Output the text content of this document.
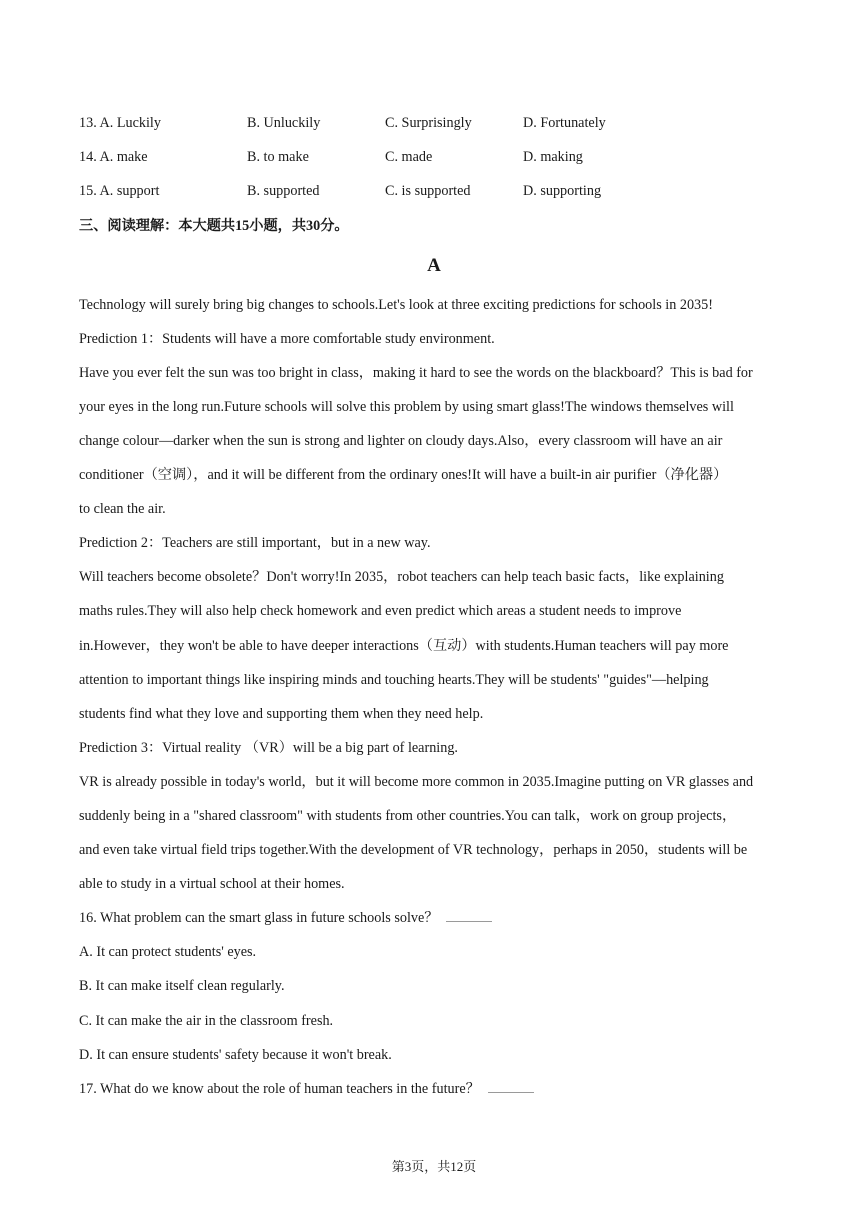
13. A. Luckily	B. Unluckily	C. Surprisingly	D. Fortunately
14. A. make	B. to make	C. made	D. making
15. A. support	B. supported	C. is supported	D. supporting
三、阅读理解：本大题共15小题，共30分。
A
Technology will surely bring big changes to schools.Let's look at three exciting predictions for schools in 2035!
Prediction 1：Students will have a more comfortable study environment.
Have you ever felt the sun was too bright in class，making it hard to see the words on the blackboard？This is bad for
your eyes in the long run.Future schools will solve this problem by using smart glass!The windows themselves will
change colour—darker when the sun is strong and lighter on cloudy days.Also，every classroom will have an air
conditioner（空调），and it will be different from the ordinary ones!It will have a built-in air purifier（净化器）
to clean the air.
Prediction 2：Teachers are still important，but in a new way.
Will teachers become obsolete？Don't worry!In 2035，robot teachers can help teach basic facts，like explaining
maths rules.They will also help check homework and even predict which areas a student needs to improve
in.However，they won't be able to have deeper interactions（互动）with students.Human teachers will pay more
attention to important things like inspiring minds and touching hearts.They will be students' "guides"—helping
students find what they love and supporting them when they need help.
Prediction 3：Virtual reality （VR）will be a big part of learning.
VR is already possible in today's world，but it will become more common in 2035.Imagine putting on VR glasses and
suddenly being in a "shared classroom" with students from other countries.You can talk，work on group projects，
and even take virtual field trips together.With the development of VR technology，perhaps in 2050，students will be
able to study in a virtual school at their homes.
16. What problem can the smart glass in future schools solve？
A. It can protect students' eyes.
B. It can make itself clean regularly.
C. It can make the air in the classroom fresh.
D. It can ensure students' safety because it won't break.
17. What do we know about the role of human teachers in the future？
第3页，共12页
